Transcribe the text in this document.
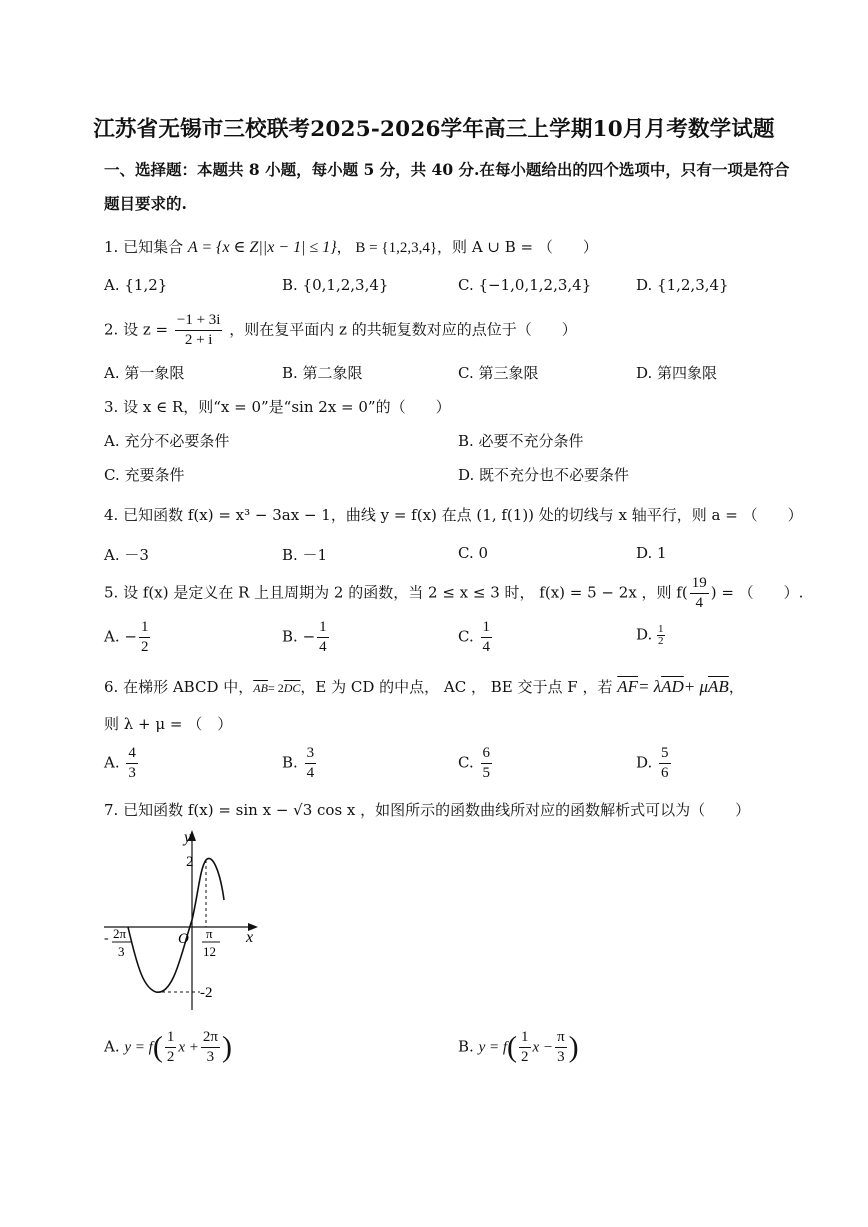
江苏省无锡市三校联考2025-2026学年高三上学期10月月考数学试题
一、选择题：本题共 8 小题，每小题 5 分，共 40 分.在每小题给出的四个选项中，只有一项是符合
题目要求的.
1. 已知集合 A = {x ∈ Z||x − 1| ≤ 1}， B = {1,2,3,4}，则 A ∪ B = （　　）
A. {1,2}	B. {0,1,2,3,4}	C. {−1,0,1,2,3,4}	D. {1,2,3,4}
2. 设 $z = \frac{-1 + 3i}{2 + i}$ ，则在复平面内 z 的共轭复数对应的点位于（　　）
A. 第一象限	B. 第二象限	C. 第三象限	D. 第四象限
3. 设 x ∈ R，则“x = 0”是“sin 2x = 0”的（　　）
A. 充分不必要条件	B. 必要不充分条件
C. 充要条件	D. 既不充分也不必要条件
4. 已知函数 f(x) = x³ − 3ax − 1，曲线 y = f(x) 在点 (1, f(1)) 处的切线与 x 轴平行，则 a = （　　）
A. －3	B. －1	C. 0	D. 1
5. 设 f(x) 是定义在 R 上且周期为 2 的函数，当 2 ≤ x ≤ 3 时， f(x) = 5 − 2x ，则 $f( \frac{19}{4}$ ) = （　　）.
A. − $\frac{1}{2}$	B. − $\frac{1}{4}$	C. $\frac{1}{4}$	D. $\frac{1}{2}$
6. 在梯形 ABCD 中，$\overline{AB}= 2\overline{DC}$，E 为 CD 的中点， AC ， BE 交于点 F ，若 $\overline{AF}= \lambda\overline{AD}+ \mu\overline{AB}$，
则 λ + μ = （　）
A. $\frac{4}{3}$	B. $\frac{3}{4}$	C. $\frac{6}{5}$	D. $\frac{5}{6}$
7. 已知函数 f(x) = sin x − √3 cos x ，如图所示的函数曲线所对应的函数解析式可以为（　　）
y
x
O
2
-2
- 2π
3
π
12
A. $y = f( \frac{1}{2}$ $x + \frac{2\pi}{3}$ )	B. $y = f( \frac{1}{2}$ $x - \frac{\pi}{3}$ )
